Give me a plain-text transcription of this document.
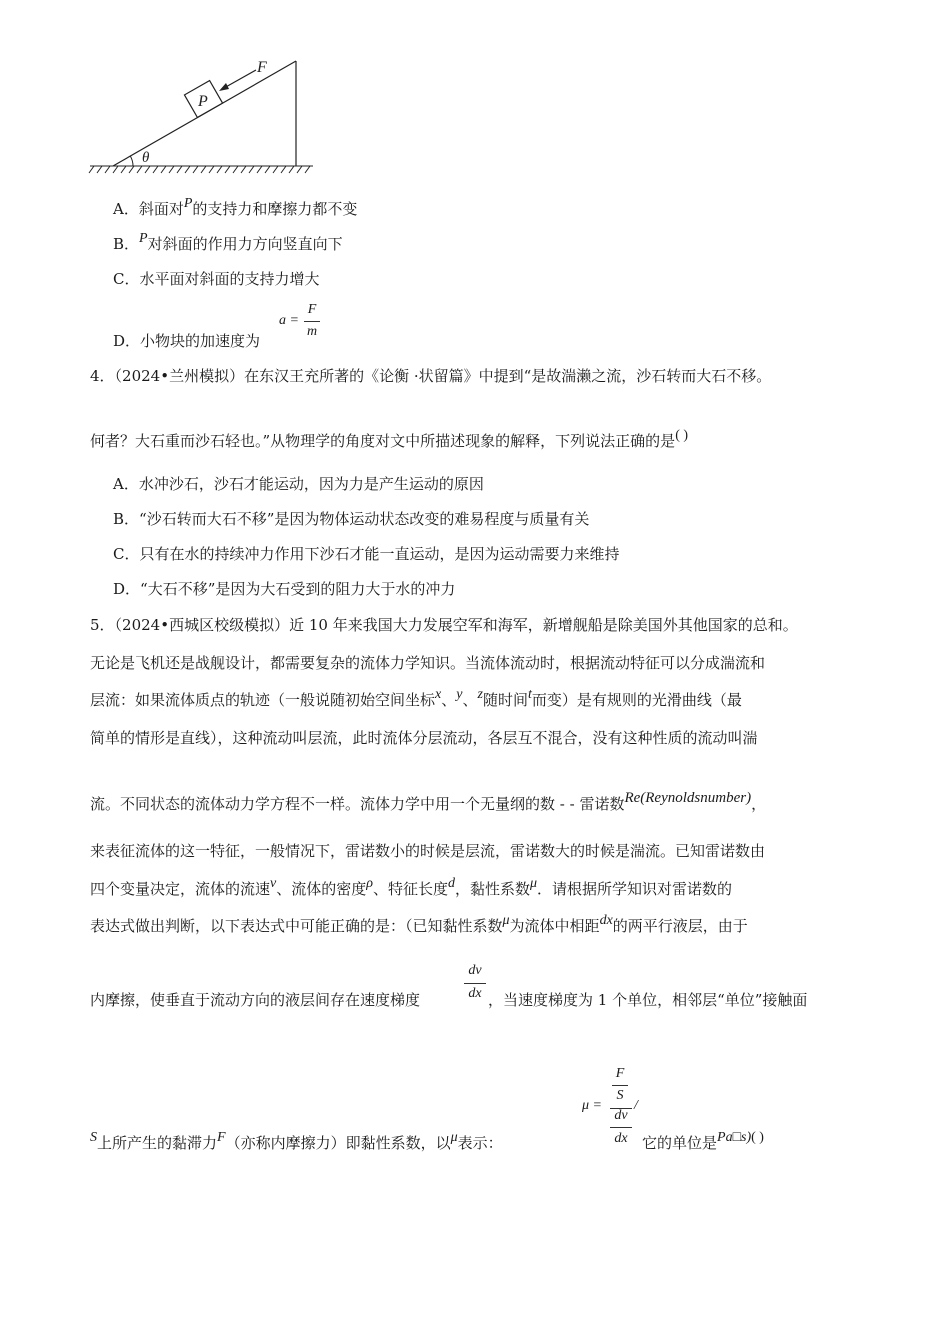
θ
P
F
A．斜面对P的支持力和摩擦力都不变
B．P对斜面的作用力方向竖直向下
C．水平面对斜面的支持力增大
D．小物块的加速度为
a =
F
m
4．（2024•兰州模拟）在东汉王充所著的《论衡 ·状留篇》中提到“是故湍濑之流，沙石转而大石不移。
何者？大石重而沙石轻也。”从物理学的角度对文中所描述现象的解释，下列说法正确的是( )
A．水冲沙石，沙石才能运动，因为力是产生运动的原因
B．“沙石转而大石不移”是因为物体运动状态改变的难易程度与质量有关
C．只有在水的持续冲力作用下沙石才能一直运动，是因为运动需要力来维持
D．“大石不移”是因为大石受到的阻力大于水的冲力
5．（2024•西城区校级模拟）近 10 年来我国大力发展空军和海军，新增舰船是除美国外其他国家的总和。
无论是飞机还是战舰设计，都需要复杂的流体力学知识。当流体流动时，根据流动特征可以分成湍流和
层流：如果流体质点的轨迹（一般说随初始空间坐标x、y、z随时间t而变）是有规则的光滑曲线（最
简单的情形是直线），这种流动叫层流，此时流体分层流动，各层互不混合，没有这种性质的流动叫湍
流。不同状态的流体动力学方程不一样。流体力学中用一个无量纲的数 - - 雷诺数Re(Reynoldsnumber)，
来表征流体的这一特征，一般情况下，雷诺数小的时候是层流，雷诺数大的时候是湍流。已知雷诺数由
四个变量决定，流体的流速v、流体的密度ρ、特征长度d，黏性系数μ．请根据所学知识对雷诺数的
表达式做出判断，以下表达式中可能正确的是：（已知黏性系数μ为流体中相距dx的两平行液层，由于
内摩擦，使垂直于流动方向的液层间存在速度梯度
dv
dx ，当速度梯度为 1 个单位，相邻层“单位”接触面
S上所产生的黏滞力F（亦称内摩擦力）即黏性系数，以μ表示：
μ =
F
S
dv
/
dx 它的单位是Pa□s)( )
